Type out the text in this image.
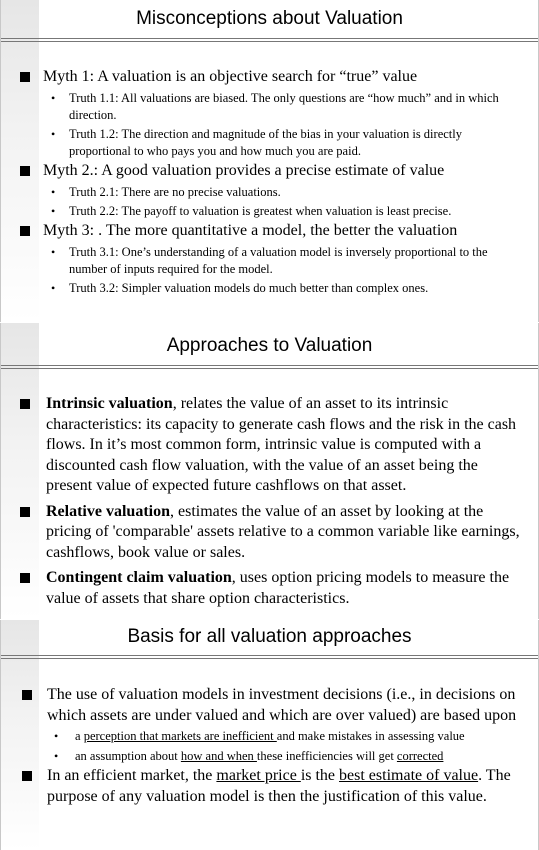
Misconceptions about Valuation
Myth 1: A valuation is an objective search for “true” value
• Truth 1.1: All valuations are biased. The only questions are “how much” and in which direction.
• Truth 1.2: The direction and magnitude of the bias in your valuation is directly proportional to who pays you and how much you are paid.
Myth 2.: A good valuation provides a precise estimate of value
• Truth 2.1: There are no precise valuations.
• Truth 2.2: The payoff to valuation is greatest when valuation is least precise.
Myth 3: . The more quantitative a model, the better the valuation
• Truth 3.1: One’s understanding of a valuation model is inversely proportional to the number of inputs required for the model.
• Truth 3.2: Simpler valuation models do much better than complex ones.
Approaches to Valuation
Intrinsic valuation, relates the value of an asset to its intrinsic characteristics: its capacity to generate cash flows and the risk in the cash flows. In it’s most common form, intrinsic value is computed with a discounted cash flow valuation, with the value of an asset being the present value of expected future cashflows on that asset.
Relative valuation, estimates the value of an asset by looking at the pricing of 'comparable' assets relative to a common variable like earnings, cashflows, book value or sales.
Contingent claim valuation, uses option pricing models to measure the value of assets that share option characteristics.
Basis for all valuation approaches
The use of valuation models in investment decisions (i.e., in decisions on which assets are under valued and which are over valued) are based upon
• a perception that markets are inefficient and make mistakes in assessing value
• an assumption about how and when these inefficiencies will get corrected
In an efficient market, the market price is the best estimate of value. The purpose of any valuation model is then the justification of this value.
